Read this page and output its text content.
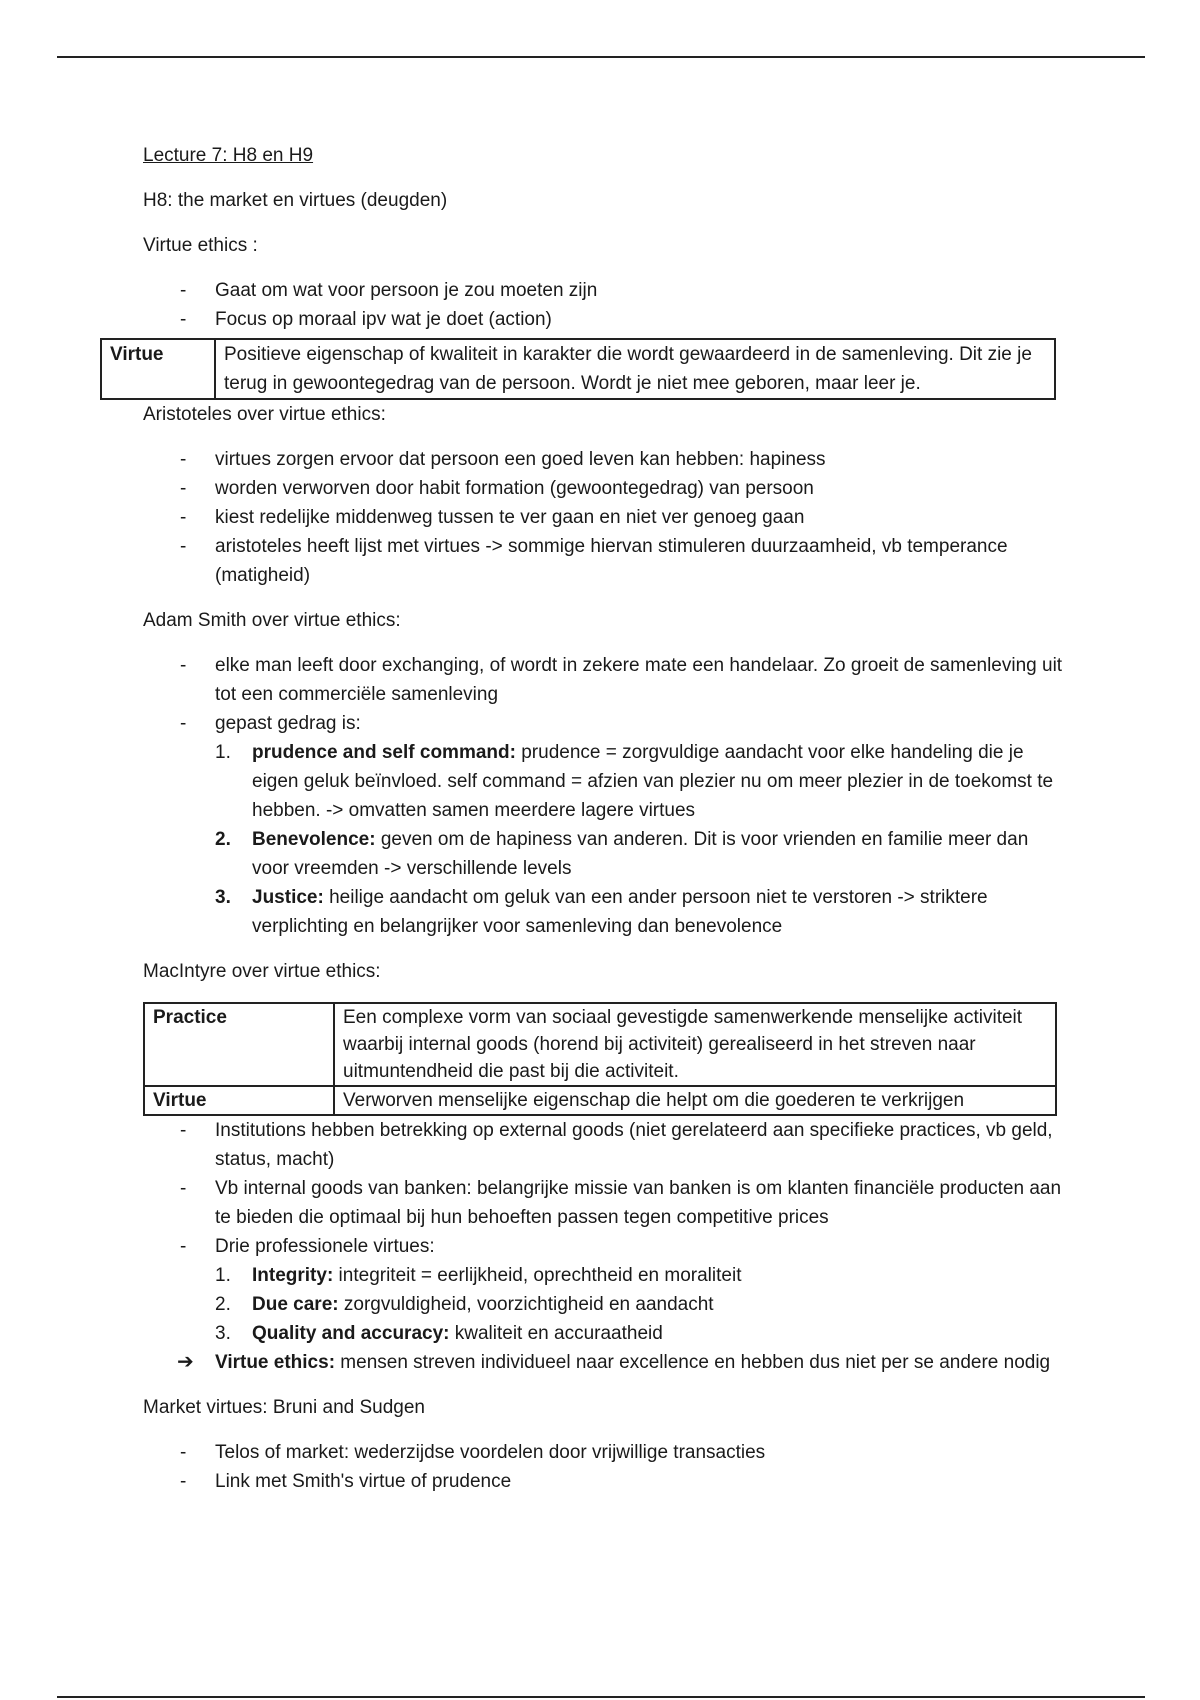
Lecture 7: H8 en H9

H8: the market en virtues (deugden)

Virtue ethics :

- Gaat om wat voor persoon je zou moeten zijn
- Focus op moraal ipv wat je doet (action)
Virtue	Positieve eigenschap of kwaliteit in karakter die wordt gewaardeerd in de samenleving. Dit zie je terug in gewoontegedrag van de persoon. Wordt je niet mee geboren, maar leer je.

Aristoteles over virtue ethics:

- virtues zorgen ervoor dat persoon een goed leven kan hebben: hapiness
- worden verworven door habit formation (gewoontegedrag) van persoon
- kiest redelijke middenweg tussen te ver gaan en niet ver genoeg gaan
- aristoteles heeft lijst met virtues -> sommige hiervan stimuleren duurzaamheid, vb temperance (matigheid)

Adam Smith over virtue ethics:

- elke man leeft door exchanging, of wordt in zekere mate een handelaar. Zo groeit de samenleving uit tot een commerciële samenleving
- gepast gedrag is:
1. prudence and self command: prudence = zorgvuldige aandacht voor elke handeling die je eigen geluk beïnvloed. self command = afzien van plezier nu om meer plezier in de toekomst te hebben. -> omvatten samen meerdere lagere virtues
2. Benevolence: geven om de hapiness van anderen. Dit is voor vrienden en familie meer dan voor vreemden -> verschillende levels
3. Justice: heilige aandacht om geluk van een ander persoon niet te verstoren -> striktere verplichting en belangrijker voor samenleving dan benevolence

MacIntyre over virtue ethics:

Practice	Een complexe vorm van sociaal gevestigde samenwerkende menselijke activiteit waarbij internal goods (horend bij activiteit) gerealiseerd in het streven naar uitmuntendheid die past bij die activiteit.
Virtue	Verworven menselijke eigenschap die helpt om die goederen te verkrijgen
- Institutions hebben betrekking op external goods (niet gerelateerd aan specifieke practices, vb geld, status, macht)
- Vb internal goods van banken: belangrijke missie van banken is om klanten financiële producten aan te bieden die optimaal bij hun behoeften passen tegen competitive prices
- Drie professionele virtues:
1. Integrity: integriteit = eerlijkheid, oprechtheid en moraliteit
2. Due care: zorgvuldigheid, voorzichtigheid en aandacht
3. Quality and accuracy: kwaliteit en accuraatheid
➔ Virtue ethics: mensen streven individueel naar excellence en hebben dus niet per se andere nodig

Market virtues: Bruni and Sudgen

- Telos of market: wederzijdse voordelen door vrijwillige transacties
- Link met Smith's virtue of prudence
